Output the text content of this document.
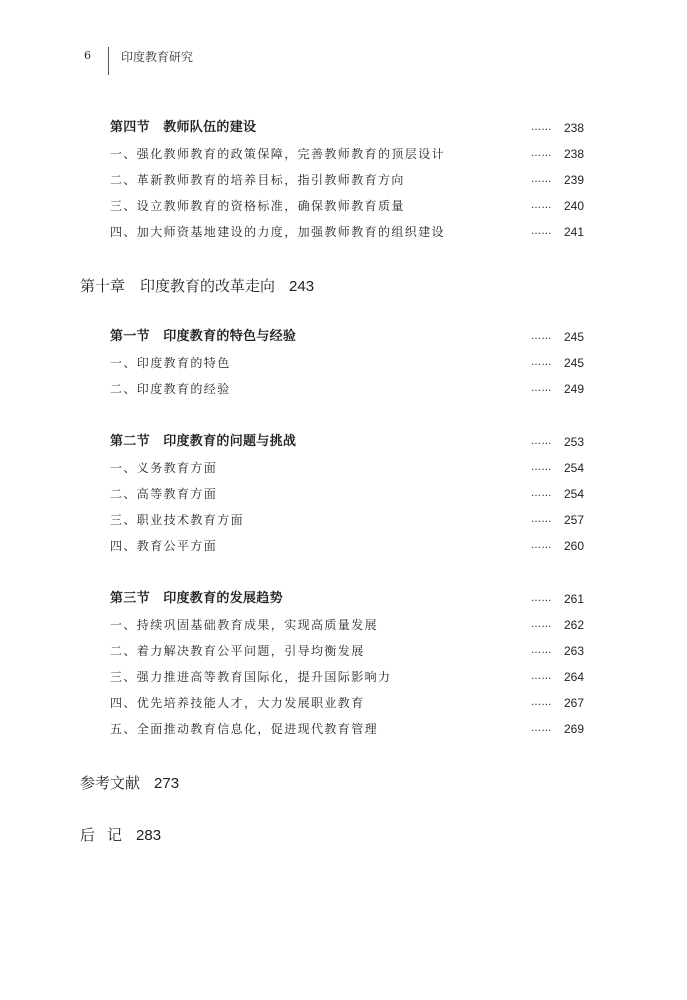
6	印度教育研究
第四节　教师队伍的建设	…… 238
一、强化教师教育的政策保障，完善教师教育的顶层设计	…… 238
二、革新教师教育的培养目标，指引教师教育方向	…… 239
三、设立教师教育的资格标准，确保教师教育质量	…… 240
四、加大师资基地建设的力度，加强教师教育的组织建设	…… 241
第十章　印度教育的改革走向 243
第一节　印度教育的特色与经验	…… 245
一、印度教育的特色	…… 245
二、印度教育的经验	…… 249
第二节　印度教育的问题与挑战	…… 253
一、义务教育方面	…… 254
二、高等教育方面	…… 254
三、职业技术教育方面	…… 257
四、教育公平方面	…… 260
第三节　印度教育的发展趋势	…… 261
一、持续巩固基础教育成果，实现高质量发展	…… 262
二、着力解决教育公平问题，引导均衡发展	…… 263
三、强力推进高等教育国际化，提升国际影响力	…… 264
四、优先培养技能人才，大力发展职业教育	…… 267
五、全面推动教育信息化，促进现代教育管理	…… 269
参考文献 273
后记 283
